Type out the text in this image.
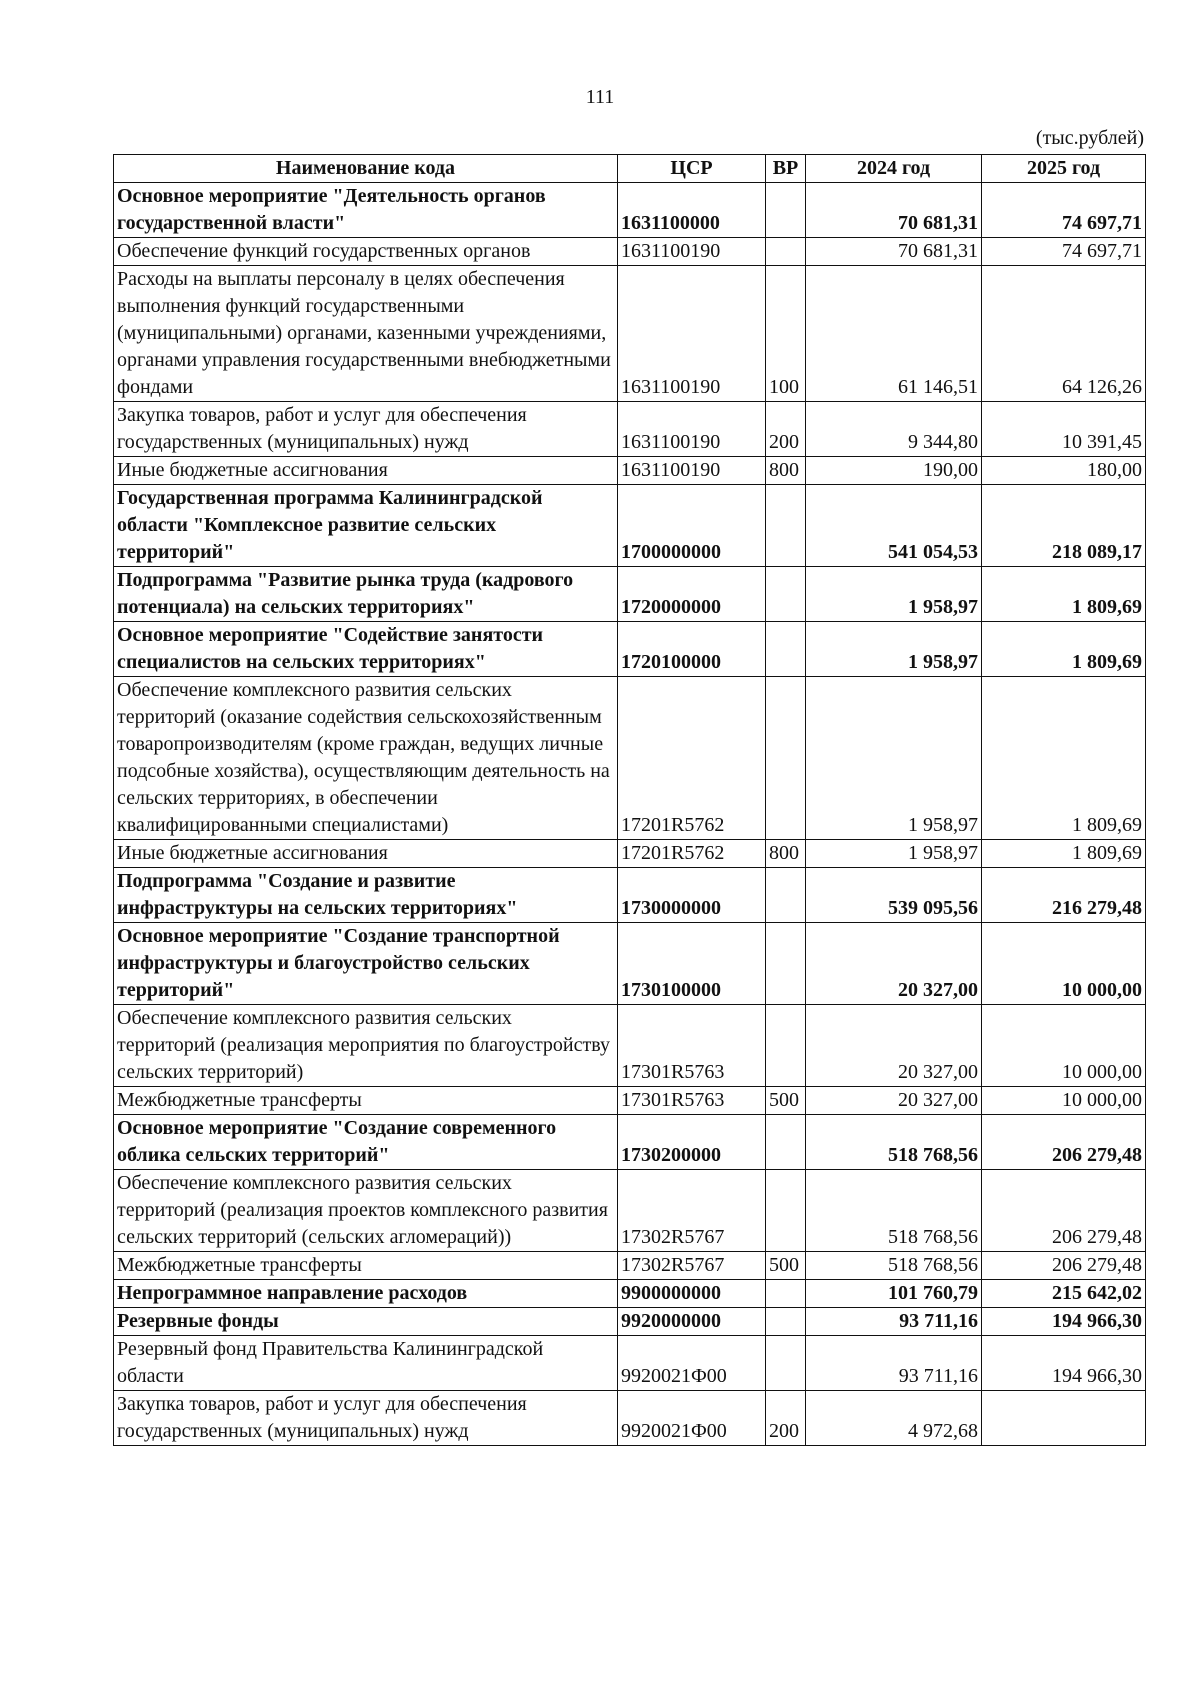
111
(тыс.рублей)
Наименование кода	ЦСР	ВР	2024 год	2025 год
Основное мероприятие "Деятельность органов государственной власти"	1631100000		70 681,31	74 697,71
Обеспечение функций государственных органов	1631100190		70 681,31	74 697,71
Расходы на выплаты персоналу в целях обеспечения выполнения функций государственными (муниципальными) органами, казенными учреждениями, органами управления государственными внебюджетными фондами	1631100190	100	61 146,51	64 126,26
Закупка товаров, работ и услуг для обеспечения государственных (муниципальных) нужд	1631100190	200	9 344,80	10 391,45
Иные бюджетные ассигнования	1631100190	800	190,00	180,00
Государственная программа Калининградской области "Комплексное развитие сельских территорий"	1700000000		541 054,53	218 089,17
Подпрограмма "Развитие рынка труда (кадрового потенциала) на сельских территориях"	1720000000		1 958,97	1 809,69
Основное мероприятие "Содействие занятости специалистов на сельских территориях"	1720100000		1 958,97	1 809,69
Обеспечение комплексного развития сельских территорий (оказание содействия сельскохозяйственным товаропроизводителям (кроме граждан, ведущих личные подсобные хозяйства), осуществляющим деятельность на сельских территориях, в обеспечении квалифицированными специалистами)	17201R5762		1 958,97	1 809,69
Иные бюджетные ассигнования	17201R5762	800	1 958,97	1 809,69
Подпрограмма "Создание и развитие инфраструктуры на сельских территориях"	1730000000		539 095,56	216 279,48
Основное мероприятие "Создание транспортной инфраструктуры и благоустройство сельских территорий"	1730100000		20 327,00	10 000,00
Обеспечение комплексного развития сельских территорий (реализация мероприятия по благоустройству сельских территорий)	17301R5763		20 327,00	10 000,00
Межбюджетные трансферты	17301R5763	500	20 327,00	10 000,00
Основное мероприятие "Создание современного облика сельских территорий"	1730200000		518 768,56	206 279,48
Обеспечение комплексного развития сельских территорий (реализация проектов комплексного развития сельских территорий (сельских агломераций))	17302R5767		518 768,56	206 279,48
Межбюджетные трансферты	17302R5767	500	518 768,56	206 279,48
Непрограммное направление расходов	9900000000		101 760,79	215 642,02
Резервные фонды	9920000000		93 711,16	194 966,30
Резервный фонд Правительства Калининградской области	9920021Ф00		93 711,16	194 966,30
Закупка товаров, работ и услуг для обеспечения государственных (муниципальных) нужд	9920021Ф00	200	4 972,68	
